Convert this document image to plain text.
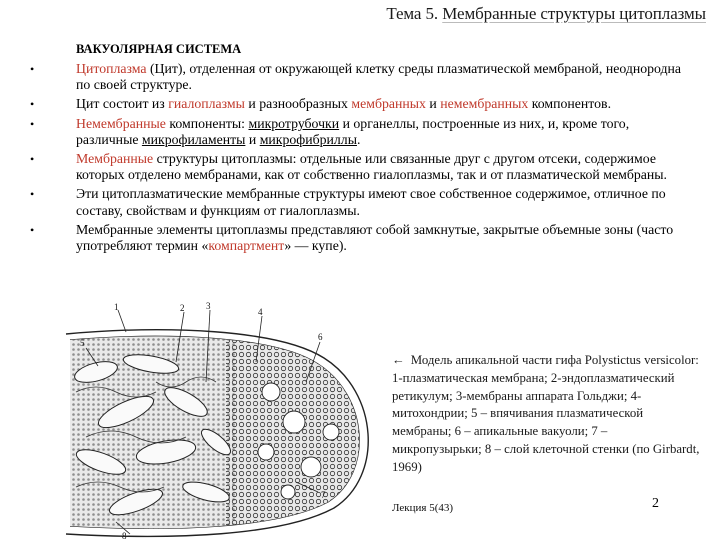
Тема 5. Мембранные структуры цитоплазмы
ВАКУОЛЯРНАЯ СИСТЕМА
•	Цитоплазма (Цит), отделенная от окружающей клетку среды плазматической мембраной, неоднородна по своей структуре.
•	Цит состоит из гиалоплазмы и разнообразных мембранных и немембранных компонентов.
•	Немембранные компоненты: микротрубочки и органеллы, построенные из них, и, кроме того, различные микрофиламенты и микрофибриллы.
•	Мембранные структуры цитоплазмы: отдельные или связанные друг с другом отсеки, содержимое которых отделено мембранами, как от собственно гиалоплазмы, так и от плазматической мембраны.
•	Эти цитоплазматические мембранные структуры имеют свое собственное содержимое, отличное по составу, свойствам и функциям от гиалоплазмы.
•	Мембранные элементы цитоплазмы представляют собой замкнутые, закрытые объемные зоны (часто употребляют термин «компартмент» — купе).
1	2 3
4
5
6
7
8
← Модель апикальной части гифа Polystictus versicolor: 1-плазматическая мембрана; 2-эндоплазматический ретикулум; 3-мембраны аппарата Гольджи; 4- митохондрии; 5 – впячивания плазматической мембраны; 6 – апикальные вакуоли; 7 – микропузырьки; 8 – слой клеточной стенки (по Girbardt, 1969)
Лекция 5(43)	2
